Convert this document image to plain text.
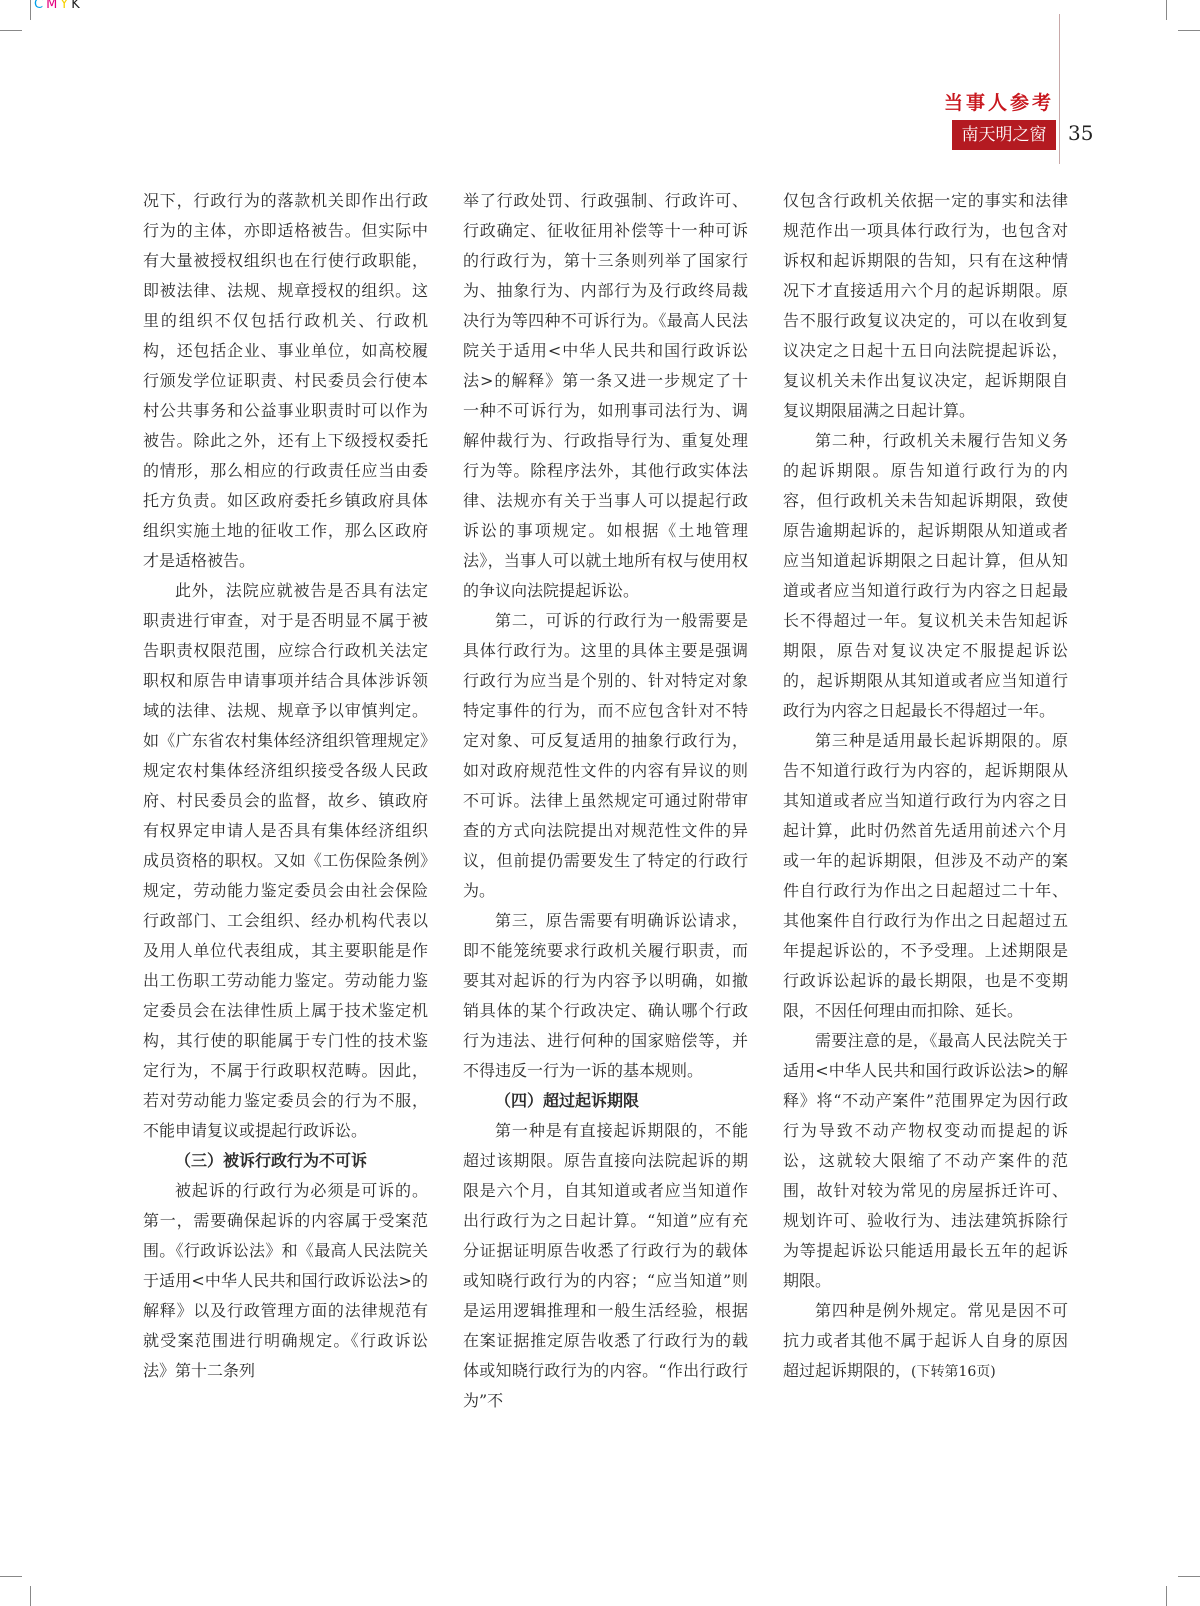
CMYK
当事人参考
南天明之窗	35

况下，行政行为的落款机关即作出行政行为的主体，亦即适格被告。但实际中有大量被授权组织也在行使行政职能，即被法律、法规、规章授权的组织。这里的组织不仅包括行政机关、行政机构，还包括企业、事业单位，如高校履行颁发学位证职责、村民委员会行使本村公共事务和公益事业职责时可以作为被告。除此之外，还有上下级授权委托的情形，那么相应的行政责任应当由委托方负责。如区政府委托乡镇政府具体组织实施土地的征收工作，那么区政府才是适格被告。

此外，法院应就被告是否具有法定职责进行审查，对于是否明显不属于被告职责权限范围，应综合行政机关法定职权和原告申请事项并结合具体涉诉领域的法律、法规、规章予以审慎判定。如《广东省农村集体经济组织管理规定》规定农村集体经济组织接受各级人民政府、村民委员会的监督，故乡、镇政府有权界定申请人是否具有集体经济组织成员资格的职权。又如《工伤保险条例》规定，劳动能力鉴定委员会由社会保险行政部门、工会组织、经办机构代表以及用人单位代表组成，其主要职能是作出工伤职工劳动能力鉴定。劳动能力鉴定委员会在法律性质上属于技术鉴定机构，其行使的职能属于专门性的技术鉴定行为，不属于行政职权范畴。因此，若对劳动能力鉴定委员会的行为不服，不能申请复议或提起行政诉讼。

（三）被诉行政行为不可诉

被起诉的行政行为必须是可诉的。第一，需要确保起诉的内容属于受案范围。《行政诉讼法》和《最高人民法院关于适用<中华人民共和国行政诉讼法>的解释》以及行政管理方面的法律规范有就受案范围进行明确规定。《行政诉讼法》第十二条列

举了行政处罚、行政强制、行政许可、行政确定、征收征用补偿等十一种可诉的行政行为，第十三条则列举了国家行为、抽象行为、内部行为及行政终局裁决行为等四种不可诉行为。《最高人民法院关于适用<中华人民共和国行政诉讼法>的解释》第一条又进一步规定了十一种不可诉行为，如刑事司法行为、调解仲裁行为、行政指导行为、重复处理行为等。除程序法外，其他行政实体法律、法规亦有关于当事人可以提起行政诉讼的事项规定。如根据《土地管理法》，当事人可以就土地所有权与使用权的争议向法院提起诉讼。

第二，可诉的行政行为一般需要是具体行政行为。这里的具体主要是强调行政行为应当是个别的、针对特定对象特定事件的行为，而不应包含针对不特定对象、可反复适用的抽象行政行为，如对政府规范性文件的内容有异议的则不可诉。法律上虽然规定可通过附带审查的方式向法院提出对规范性文件的异议，但前提仍需要发生了特定的行政行为。

第三，原告需要有明确诉讼请求，即不能笼统要求行政机关履行职责，而要其对起诉的行为内容予以明确，如撤销具体的某个行政决定、确认哪个行政行为违法、进行何种的国家赔偿等，并不得违反一行为一诉的基本规则。

（四）超过起诉期限

第一种是有直接起诉期限的，不能超过该期限。原告直接向法院起诉的期限是六个月，自其知道或者应当知道作出行政行为之日起计算。“知道”应有充分证据证明原告收悉了行政行为的载体或知晓行政行为的内容；“应当知道”则是运用逻辑推理和一般生活经验，根据在案证据推定原告收悉了行政行为的载体或知晓行政行为的内容。“作出行政行为”不

仅包含行政机关依据一定的事实和法律规范作出一项具体行政行为，也包含对诉权和起诉期限的告知，只有在这种情况下才直接适用六个月的起诉期限。原告不服行政复议决定的，可以在收到复议决定之日起十五日向法院提起诉讼，复议机关未作出复议决定，起诉期限自复议期限届满之日起计算。

第二种，行政机关未履行告知义务的起诉期限。原告知道行政行为的内容，但行政机关未告知起诉期限，致使原告逾期起诉的，起诉期限从知道或者应当知道起诉期限之日起计算，但从知道或者应当知道行政行为内容之日起最长不得超过一年。复议机关未告知起诉期限，原告对复议决定不服提起诉讼的，起诉期限从其知道或者应当知道行政行为内容之日起最长不得超过一年。

第三种是适用最长起诉期限的。原告不知道行政行为内容的，起诉期限从其知道或者应当知道行政行为内容之日起计算，此时仍然首先适用前述六个月或一年的起诉期限，但涉及不动产的案件自行政行为作出之日起超过二十年、其他案件自行政行为作出之日起超过五年提起诉讼的，不予受理。上述期限是行政诉讼起诉的最长期限，也是不变期限，不因任何理由而扣除、延长。

需要注意的是，《最高人民法院关于适用<中华人民共和国行政诉讼法>的解释》将“不动产案件”范围界定为因行政行为导致不动产物权变动而提起的诉讼，这就较大限缩了不动产案件的范围，故针对较为常见的房屋拆迁许可、规划许可、验收行为、违法建筑拆除行为等提起诉讼只能适用最长五年的起诉期限。

第四种是例外规定。常见是因不可抗力或者其他不属于起诉人自身的原因超过起诉期限的，(下转第16页)
